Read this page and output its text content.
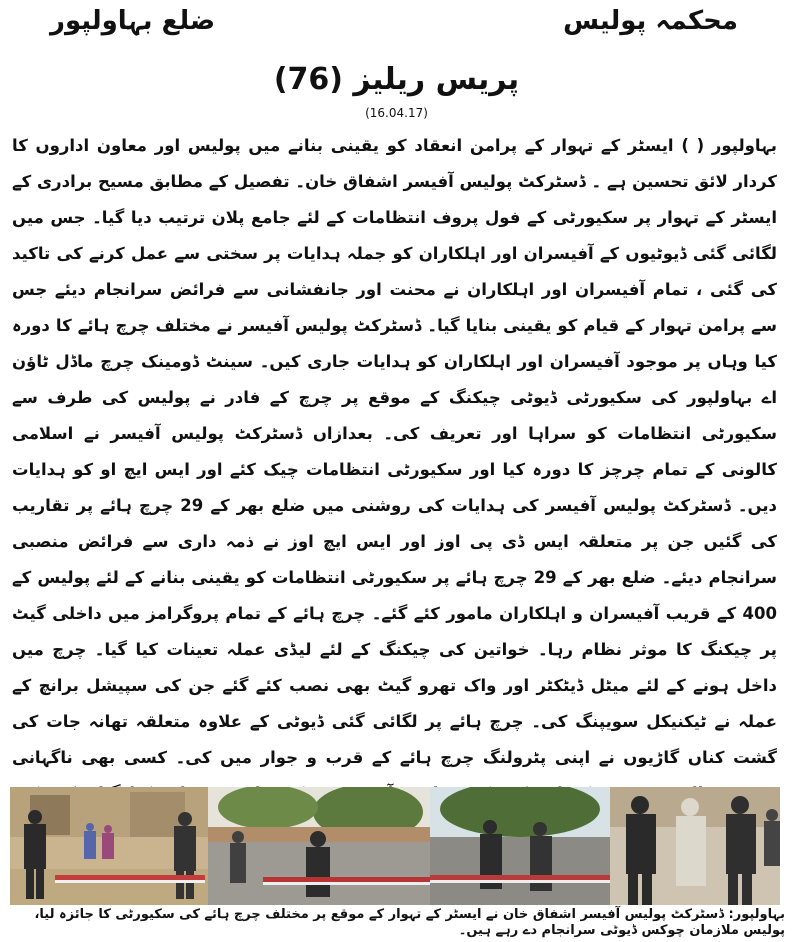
محکمہ پولیس
ضلع بہاولپور
پریس ریلیز (76)
(16.04.17)

بہاولپور ( ) ایسٹر کے تہوار کے پرامن انعقاد کو یقینی بنانے میں پولیس اور معاون اداروں کا کردار لائق تحسین ہے ۔ ڈسٹرکٹ پولیس آفیسر اشفاق خان۔ تفصیل کے مطابق مسیح برادری کے ایسٹر کے تہوار پر سکیورٹی کے فول پروف انتظامات کے لئے جامع پلان ترتیب دیا گیا۔ جس میں لگائی گئی ڈیوٹیوں کے آفیسران اور اہلکاران کو جملہ ہدایات پر سختی سے عمل کرنے کی تاکید کی گئی ، تمام آفیسران اور اہلکاران نے محنت اور جانفشانی سے فرائض سرانجام دیئے جس سے پرامن تہوار کے قیام کو یقینی بنایا گیا۔ ڈسٹرکٹ پولیس آفیسر نے مختلف چرچ ہائے کا دورہ کیا وہاں پر موجود آفیسران اور اہلکاران کو ہدایات جاری کیں۔ سینٹ ڈومینک چرچ ماڈل ٹاؤن اے بہاولپور کی سکیورٹی ڈیوٹی چیکنگ کے موقع پر چرچ کے فادر نے پولیس کی طرف سے سکیورٹی انتظامات کو سراہا اور تعریف کی۔ بعدازاں ڈسٹرکٹ پولیس آفیسر نے اسلامی کالونی کے تمام چرچز کا دورہ کیا اور سکیورٹی انتظامات چیک کئے اور ایس ایچ او کو ہدایات دیں۔ ڈسٹرکٹ پولیس آفیسر کی ہدایات کی روشنی میں ضلع بھر کے 29 چرچ ہائے پر تقاریب کی گئیں جن پر متعلقہ ایس ڈی پی اوز اور ایس ایچ اوز نے ذمہ داری سے فرائض منصبی سرانجام دیئے۔ ضلع بھر کے 29 چرچ ہائے پر سکیورٹی انتظامات کو یقینی بنانے کے لئے پولیس کے 400 کے قریب آفیسران و اہلکاران مامور کئے گئے۔ چرچ ہائے کے تمام پروگرامز میں داخلی گیٹ پر چیکنگ کا موثر نظام رہا۔ خواتین کی چیکنگ کے لئے لیڈی عملہ تعینات کیا گیا۔ چرچ میں داخل ہونے کے لئے میٹل ڈیٹکٹر اور واک تھرو گیٹ بھی نصب کئے گئے جن کی سپیشل برانچ کے عملہ نے ٹیکنیکل سویپنگ کی۔ چرچ ہائے پر لگائی گئی ڈیوٹی کے علاوہ متعلقہ تھانہ جات کی گشت کناں گاڑیوں نے اپنی پٹرولنگ چرچ ہائے کے قرب و جوار میں کی۔ کسی بھی ناگہانی

بہاولپور: ڈسٹرکٹ پولیس آفیسر اشفاق خان نے ایسٹر کے تہوار کے موقع پر مختلف چرچ ہائے کی سکیورٹی کا جائزہ لیا، پولیس ملازمان چوکس ڈیوٹی سرانجام دے رہے ہیں۔
